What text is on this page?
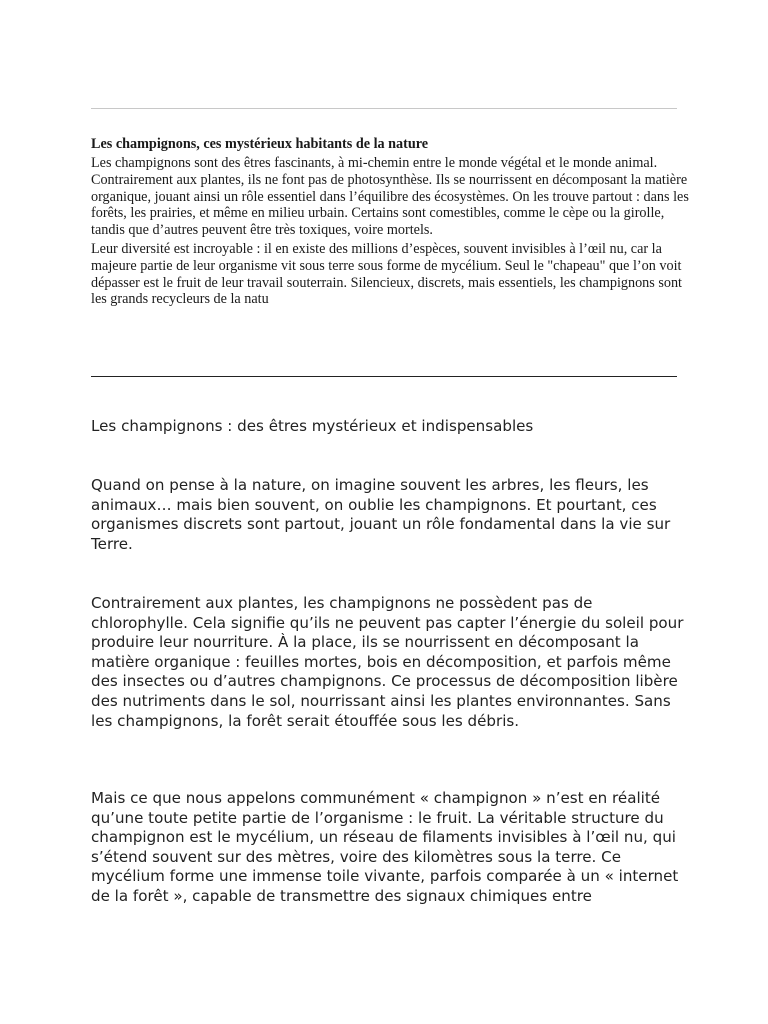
Les champignons, ces mystérieux habitants de la nature

Les champignons sont des êtres fascinants, à mi-chemin entre le monde végétal et le monde animal. Contrairement aux plantes, ils ne font pas de photosynthèse. Ils se nourrissent en décomposant la matière organique, jouant ainsi un rôle essentiel dans l’équilibre des écosystèmes. On les trouve partout : dans les forêts, les prairies, et même en milieu urbain. Certains sont comestibles, comme le cèpe ou la girolle, tandis que d’autres peuvent être très toxiques, voire mortels.

Leur diversité est incroyable : il en existe des millions d’espèces, souvent invisibles à l’œil nu, car la majeure partie de leur organisme vit sous terre sous forme de mycélium. Seul le "chapeau" que l’on voit dépasser est le fruit de leur travail souterrain. Silencieux, discrets, mais essentiels, les champignons sont les grands recycleurs de la natu

Les champignons : des êtres mystérieux et indispensables

Quand on pense à la nature, on imagine souvent les arbres, les fleurs, les animaux… mais bien souvent, on oublie les champignons. Et pourtant, ces organismes discrets sont partout, jouant un rôle fondamental dans la vie sur Terre.

Contrairement aux plantes, les champignons ne possèdent pas de chlorophylle. Cela signifie qu’ils ne peuvent pas capter l’énergie du soleil pour produire leur nourriture. À la place, ils se nourrissent en décomposant la matière organique : feuilles mortes, bois en décomposition, et parfois même des insectes ou d’autres champignons. Ce processus de décomposition libère des nutriments dans le sol, nourrissant ainsi les plantes environnantes. Sans les champignons, la forêt serait étouffée sous les débris.

Mais ce que nous appelons communément « champignon » n’est en réalité qu’une toute petite partie de l’organisme : le fruit. La véritable structure du champignon est le mycélium, un réseau de filaments invisibles à l’œil nu, qui s’étend souvent sur des mètres, voire des kilomètres sous la terre. Ce mycélium forme une immense toile vivante, parfois comparée à un « internet de la forêt », capable de transmettre des signaux chimiques entre
